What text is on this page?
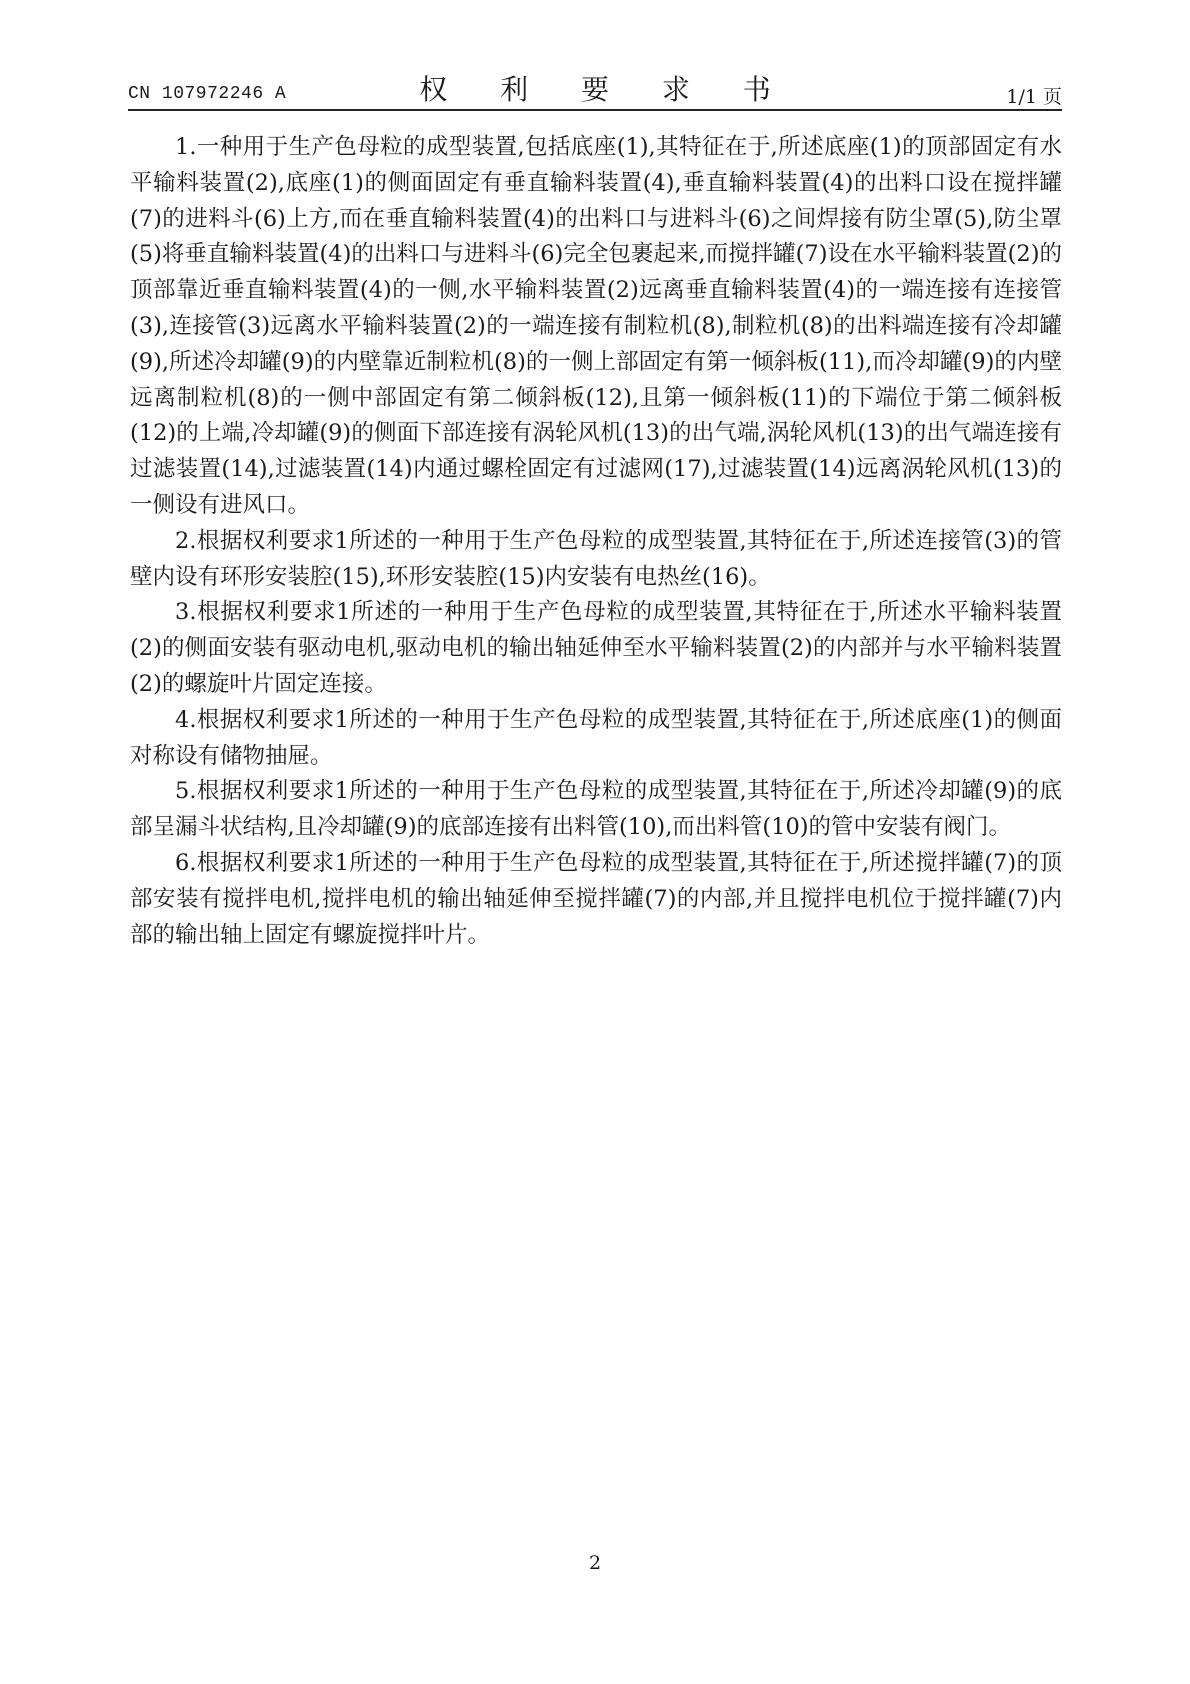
CN 107972246 A	权 利 要 求 书	1/1 页

1.一种用于生产色母粒的成型装置,包括底座(1),其特征在于,所述底座(1)的顶部固定有水平输料装置(2),底座(1)的侧面固定有垂直输料装置(4),垂直输料装置(4)的出料口设在搅拌罐(7)的进料斗(6)上方,而在垂直输料装置(4)的出料口与进料斗(6)之间焊接有防尘罩(5),防尘罩(5)将垂直输料装置(4)的出料口与进料斗(6)完全包裹起来,而搅拌罐(7)设在水平输料装置(2)的顶部靠近垂直输料装置(4)的一侧,水平输料装置(2)远离垂直输料装置(4)的一端连接有连接管(3),连接管(3)远离水平输料装置(2)的一端连接有制粒机(8),制粒机(8)的出料端连接有冷却罐(9),所述冷却罐(9)的内壁靠近制粒机(8)的一侧上部固定有第一倾斜板(11),而冷却罐(9)的内壁远离制粒机(8)的一侧中部固定有第二倾斜板(12),且第一倾斜板(11)的下端位于第二倾斜板(12)的上端,冷却罐(9)的侧面下部连接有涡轮风机(13)的出气端,涡轮风机(13)的出气端连接有过滤装置(14),过滤装置(14)内通过螺栓固定有过滤网(17),过滤装置(14)远离涡轮风机(13)的一侧设有进风口。

2.根据权利要求1所述的一种用于生产色母粒的成型装置,其特征在于,所述连接管(3)的管壁内设有环形安装腔(15),环形安装腔(15)内安装有电热丝(16)。

3.根据权利要求1所述的一种用于生产色母粒的成型装置,其特征在于,所述水平输料装置(2)的侧面安装有驱动电机,驱动电机的输出轴延伸至水平输料装置(2)的内部并与水平输料装置(2)的螺旋叶片固定连接。

4.根据权利要求1所述的一种用于生产色母粒的成型装置,其特征在于,所述底座(1)的侧面对称设有储物抽屉。

5.根据权利要求1所述的一种用于生产色母粒的成型装置,其特征在于,所述冷却罐(9)的底部呈漏斗状结构,且冷却罐(9)的底部连接有出料管(10),而出料管(10)的管中安装有阀门。

6.根据权利要求1所述的一种用于生产色母粒的成型装置,其特征在于,所述搅拌罐(7)的顶部安装有搅拌电机,搅拌电机的输出轴延伸至搅拌罐(7)的内部,并且搅拌电机位于搅拌罐(7)内部的输出轴上固定有螺旋搅拌叶片。

2
